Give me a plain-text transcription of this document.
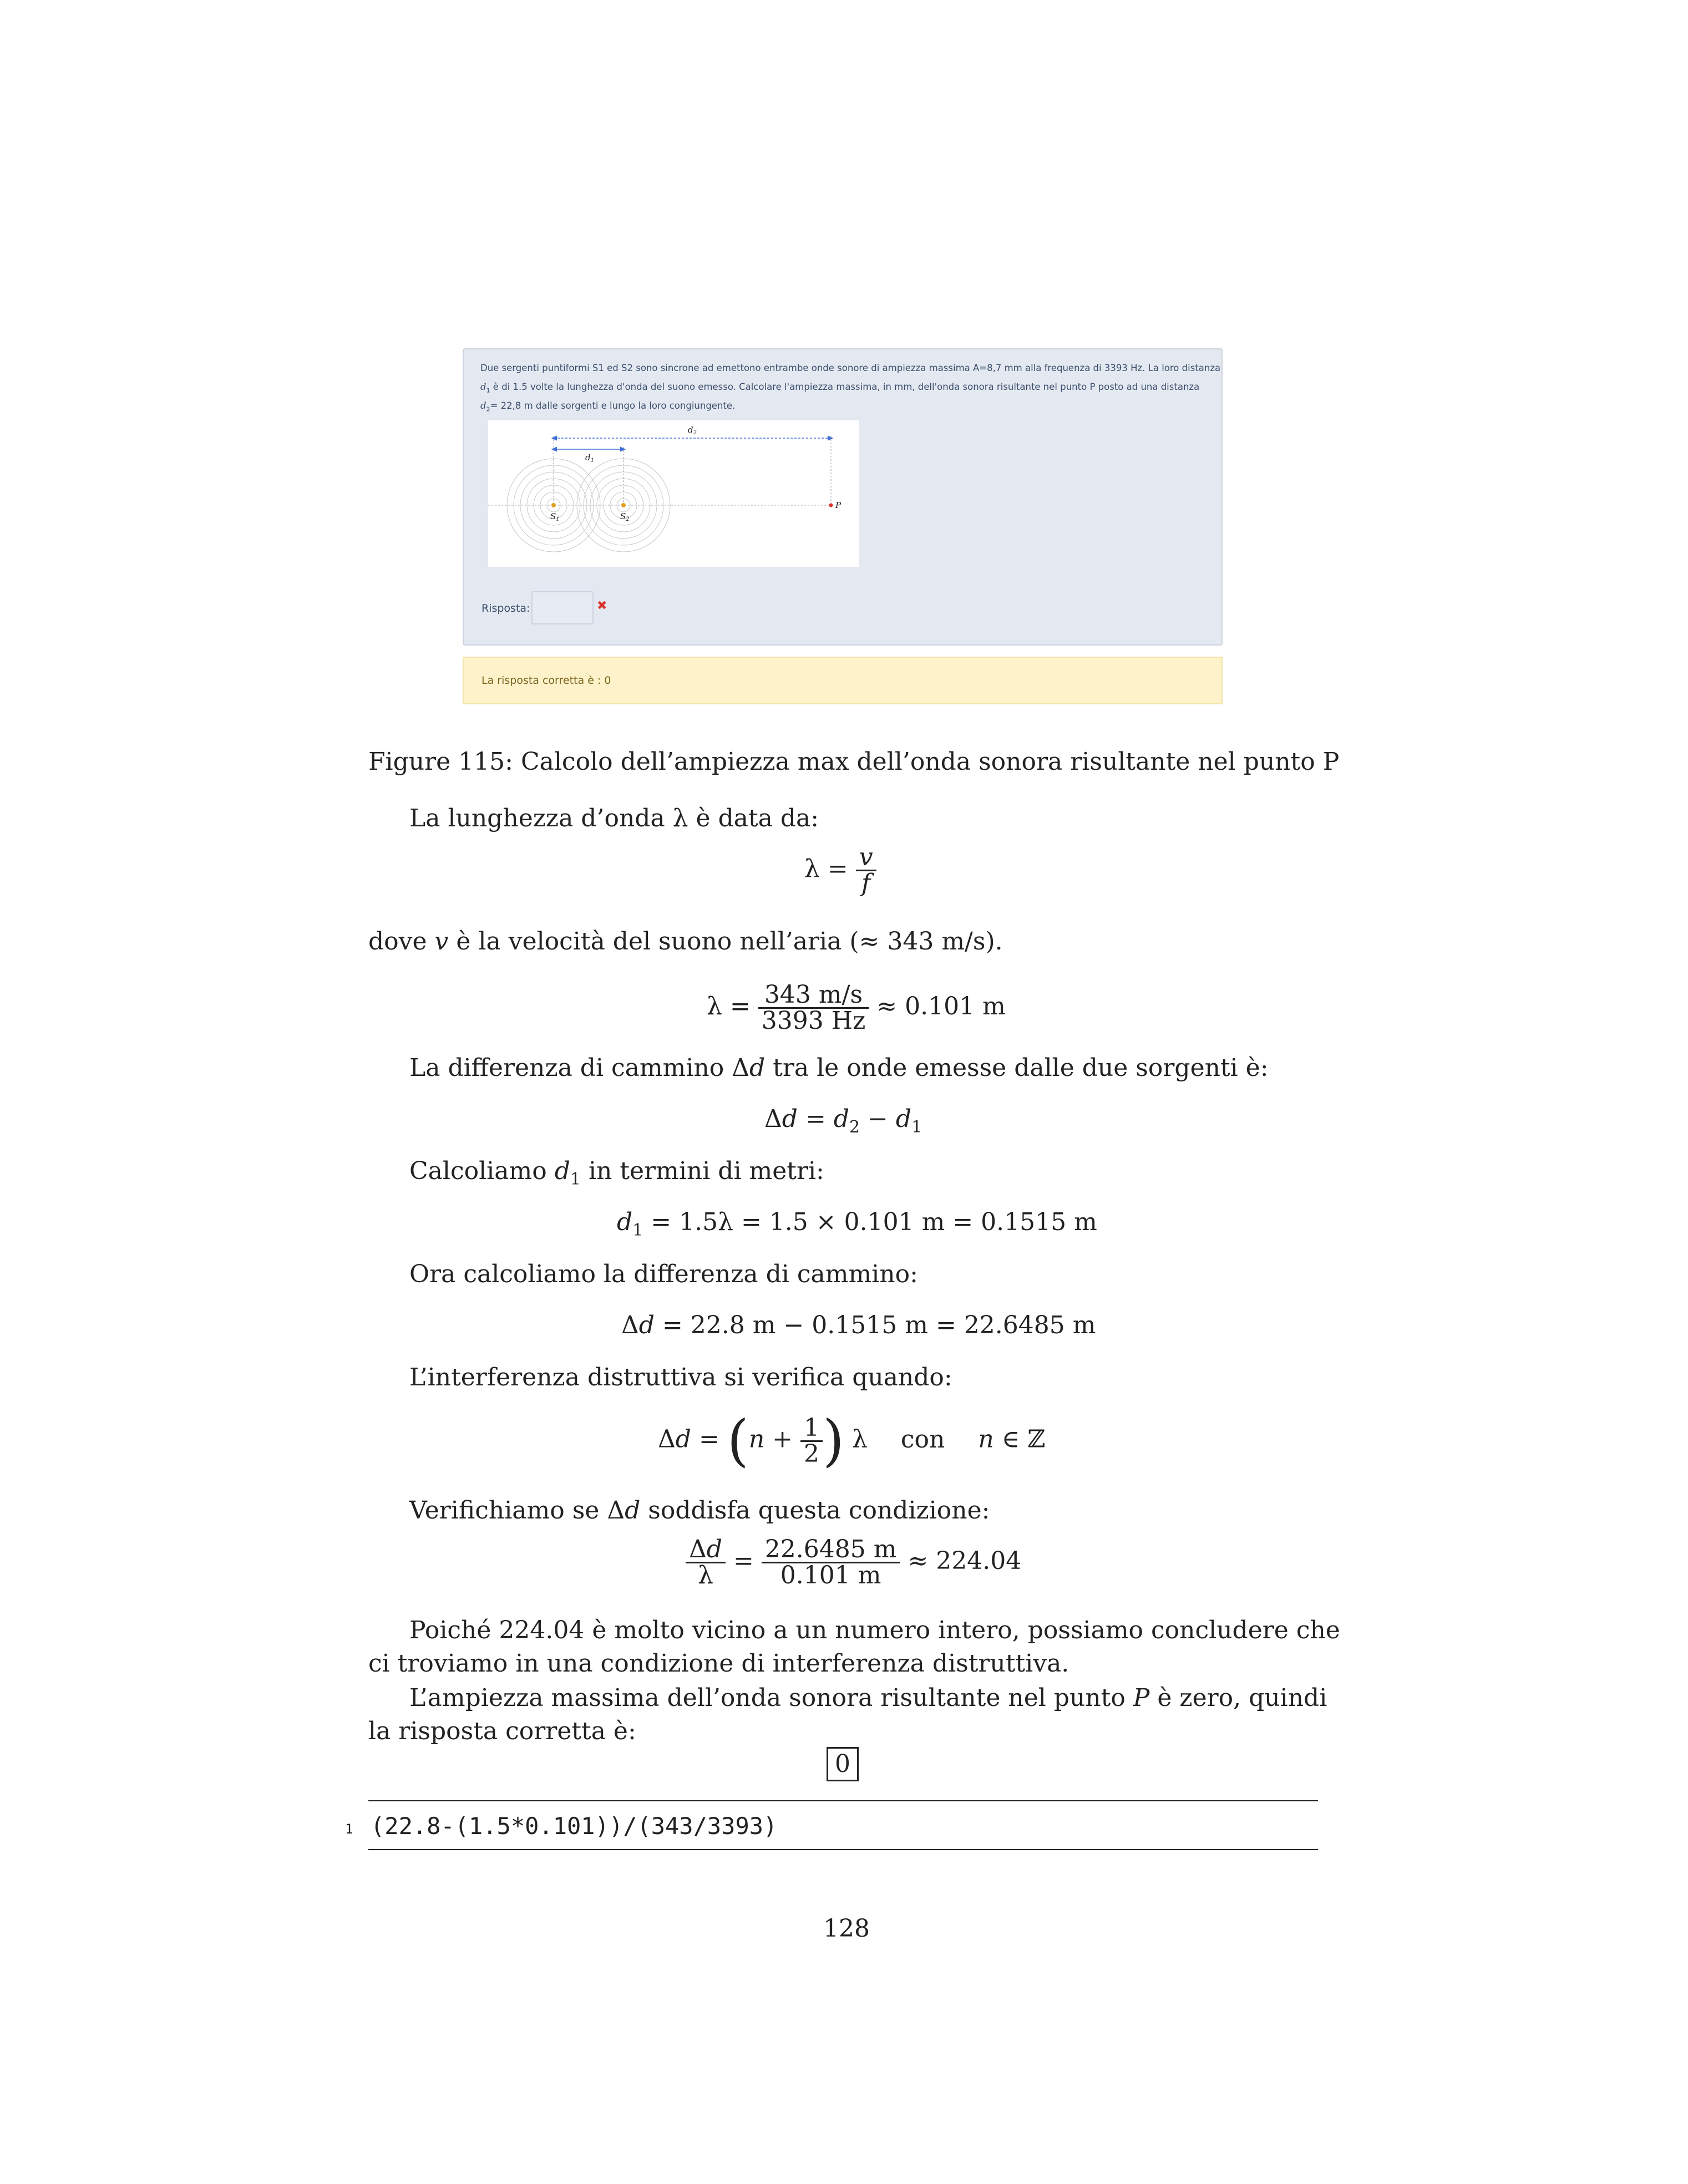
Due sergenti puntiformi S1 ed S2 sono sincrone ad emettono entrambe onde sonore di ampiezza massima A=8,7 mm alla frequenza di 3393 Hz. La loro distanza
$d_1$ è di 1.5 volte la lunghezza d'onda del suono emesso. Calcolare l'ampiezza massima, in mm, dell'onda sonora risultante nel punto P posto ad una distanza
$d_2= 22,8$ m dalle sorgenti e lungo la loro congiungente.
$d_2$
$d_1$
$S_1$	$S_2$
P
Risposta:	✖
La risposta corretta è : 0
Figure 115: Calcolo dell’ampiezza max dell’onda sonora risultante nel punto P
La lunghezza d’onda λ è data da:
$\lambda = \frac{v}{f}$
dove v è la velocità del suono nell’aria (≈ 343 m/s).
$\lambda = \frac{343 m/s}{3393 Hz} \approx 0.101$ m
La differenza di cammino Δd tra le onde emesse dalle due sorgenti è:
$\Delta d = d_2 - d_1$
Calcoliamo $d_1$ in termini di metri:
$d_1 = 1.5\lambda = 1.5 \times 0.101$ m = 0.1515 m
Ora calcoliamo la differenza di cammino:
Δd = 22.8 m − 0.1515 m = 22.6485 m
L’interferenza distruttiva si verifica quando:
$\Delta d = (n + \frac{1}{2}$ ) λ con n ∈ ℤ
Verifichiamo se Δd soddisfa questa condizione:
$\frac{\Delta d}{\lambda} = \frac{22.6485 m}{0.101 m} \approx 224.04$
Poiché 224.04 è molto vicino a un numero intero, possiamo concludere che
ci troviamo in una condizione di interferenza distruttiva.
L’ampiezza massima dell’onda sonora risultante nel punto P è zero, quindi
la risposta corretta è:
0
1 (22.8-(1.5*0.101))/(343/3393)
128
